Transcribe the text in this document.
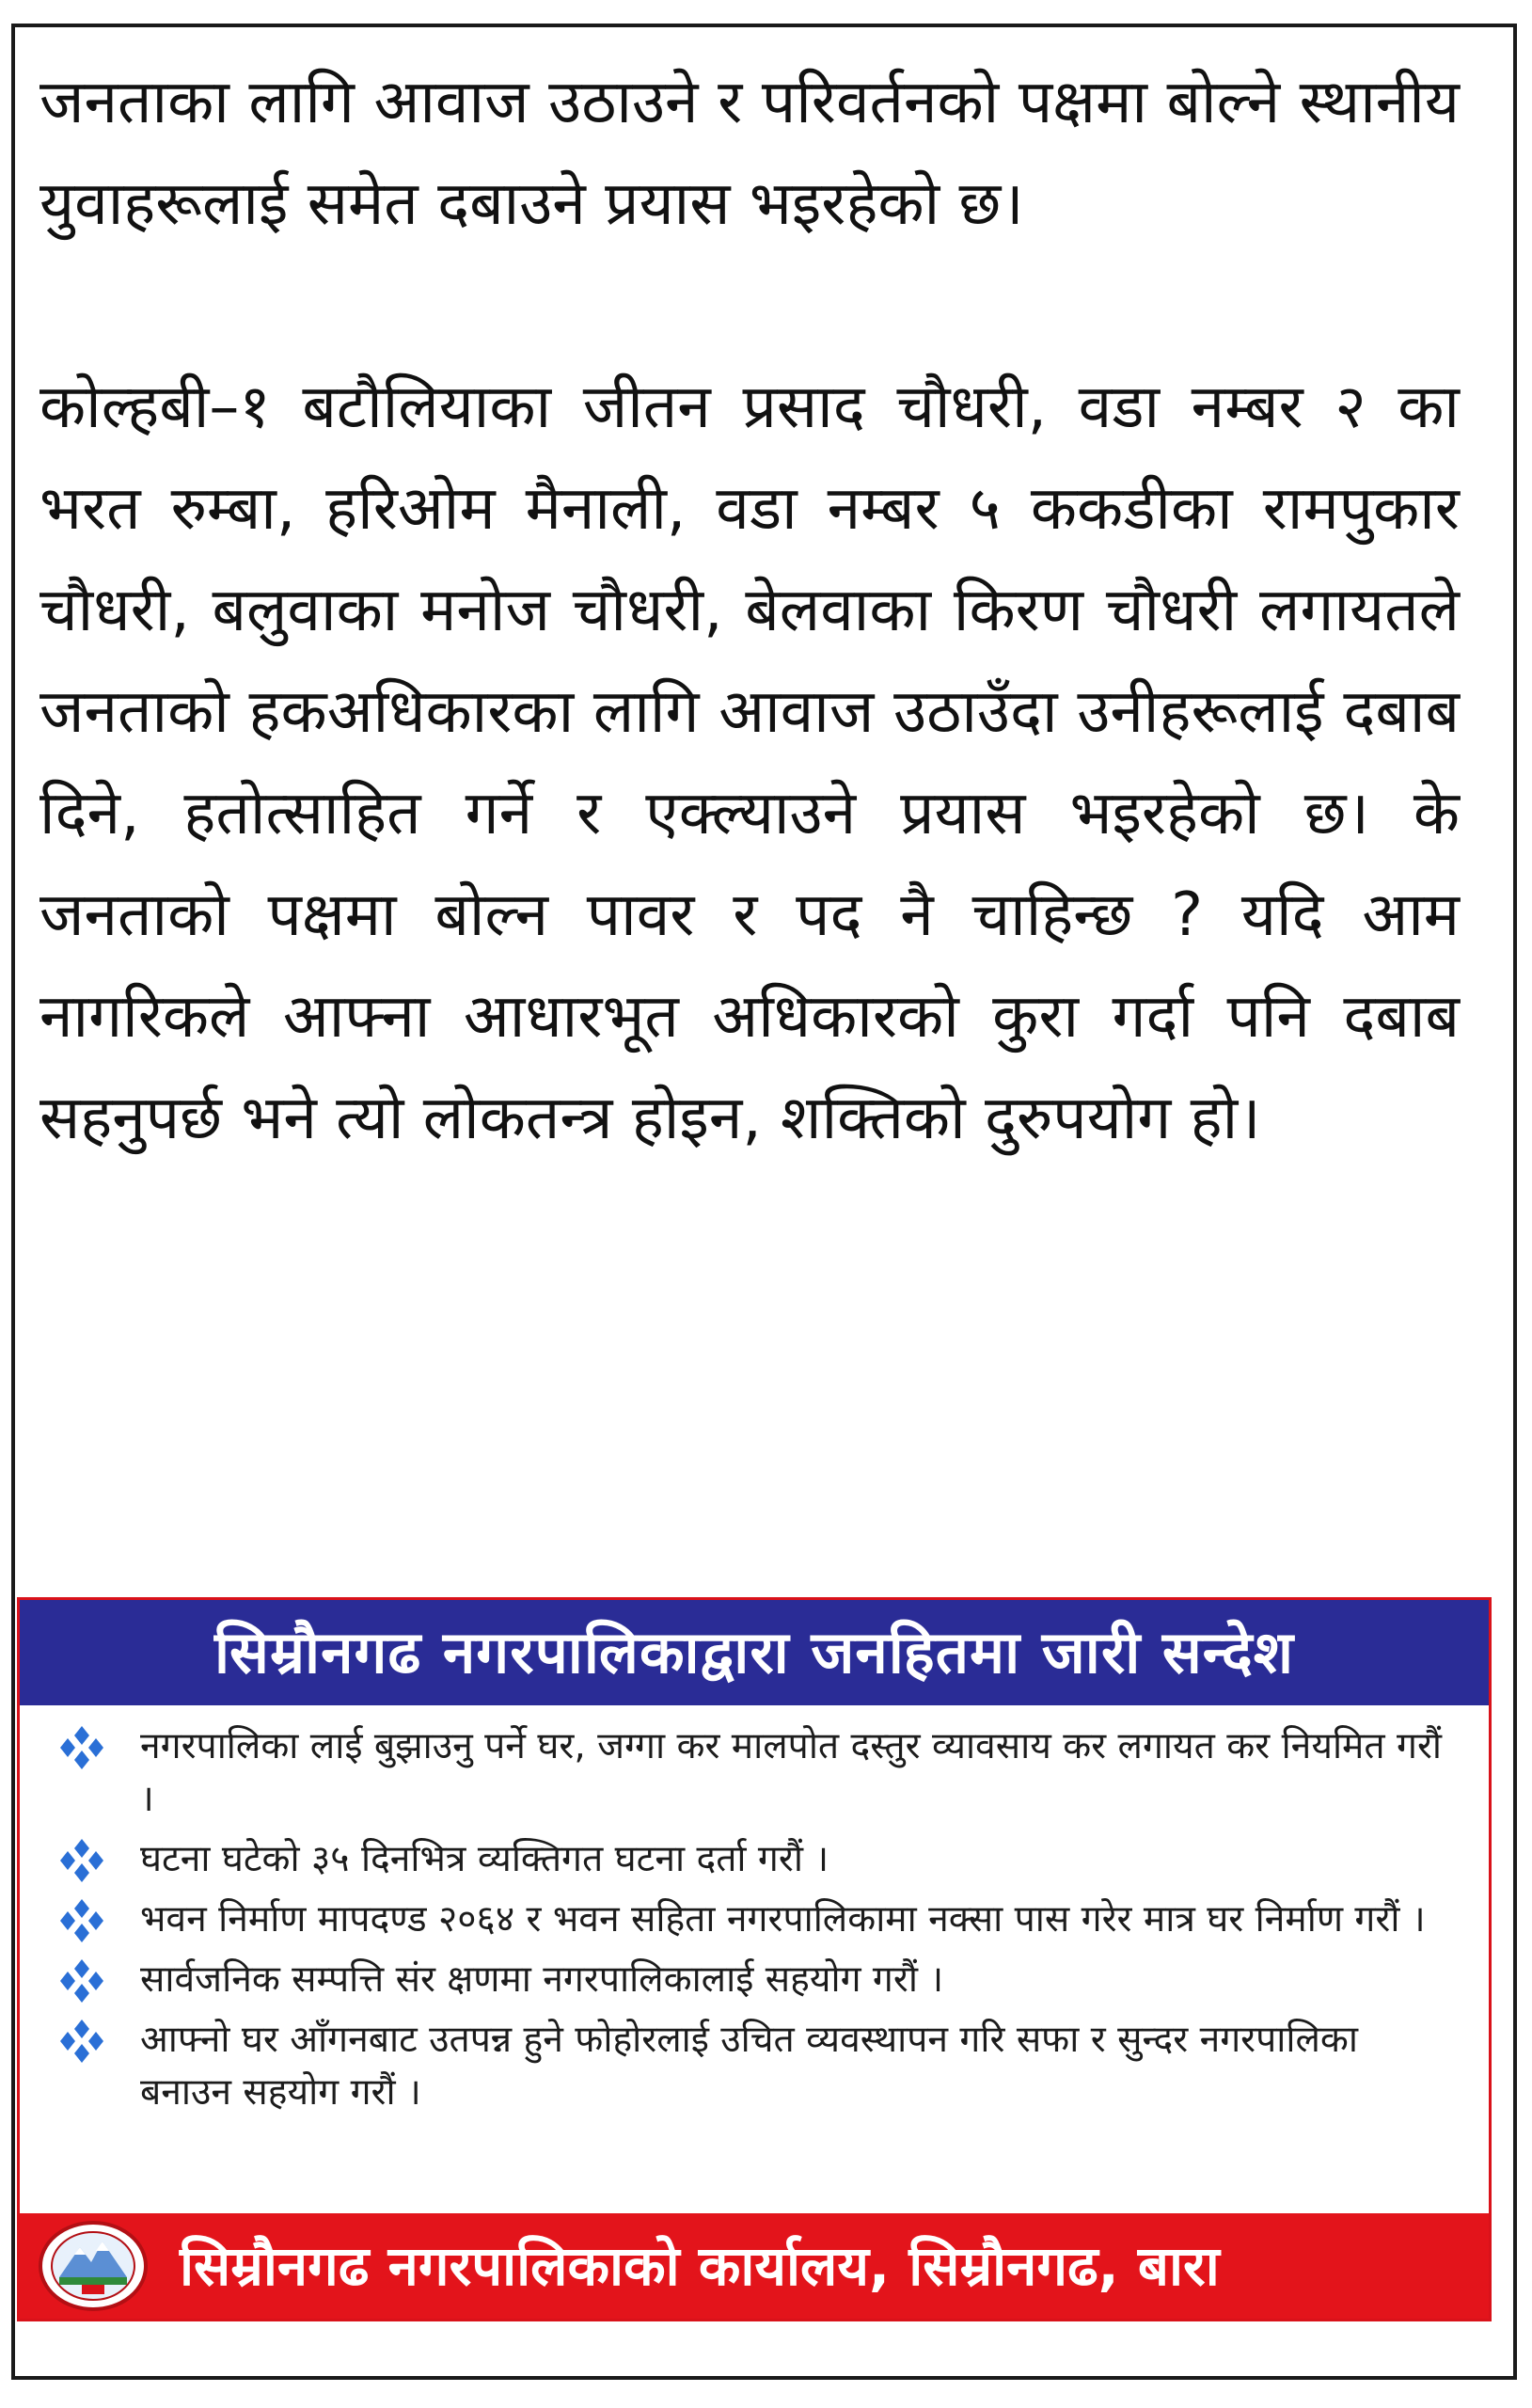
जनताका लागि आवाज उठाउने र परिवर्तनको पक्षमा बोल्ने स्थानीय युवाहरूलाई समेत दबाउने प्रयास भइरहेको छ।

कोल्हबी–१ बटौलियाका जीतन प्रसाद चौधरी, वडा नम्बर २ का भरत रुम्बा, हरिओम मैनाली, वडा नम्बर ५ ककडीका रामपुकार चौधरी, बलुवाका मनोज चौधरी, बेलवाका किरण चौधरी लगायतले जनताको हकअधिकारका लागि आवाज उठाउँदा उनीहरूलाई दबाब दिने, हतोत्साहित गर्ने र एक्ल्याउने प्रयास भइरहेको छ। के जनताको पक्षमा बोल्न पावर र पद नै चाहिन्छ ? यदि आम नागरिकले आफ्ना आधारभूत अधिकारको कुरा गर्दा पनि दबाब सहनुपर्छ भने त्यो लोकतन्त्र होइन, शक्तिको दुरुपयोग हो।

सिम्रौनगढ नगरपालिकाद्वारा जनहितमा जारी सन्देश
नगरपालिका लाई बुझाउनु पर्ने घर, जग्गा कर मालपोत दस्तुर व्यावसाय कर लगायत कर नियमित गरौं ।
घटना घटेको ३५ दिनभित्र व्यक्तिगत घटना दर्ता गरौं ।
भवन निर्माण मापदण्ड २०६४ र भवन सहिता नगरपालिकामा नक्सा पास गरेर मात्र घर निर्माण गरौं ।
सार्वजनिक सम्पत्ति संर क्षणमा नगरपालिकालाई सहयोग गरौं ।
आफ्नो घर आँगनबाट उतपन्न हुने फोहोरलाई उचित व्यवस्थापन गरि सफा र सुन्दर नगरपालिका बनाउन सहयोग गरौं ।
सिम्रौनगढ नगरपालिकाको कार्यालय, सिम्रौनगढ, बारा
